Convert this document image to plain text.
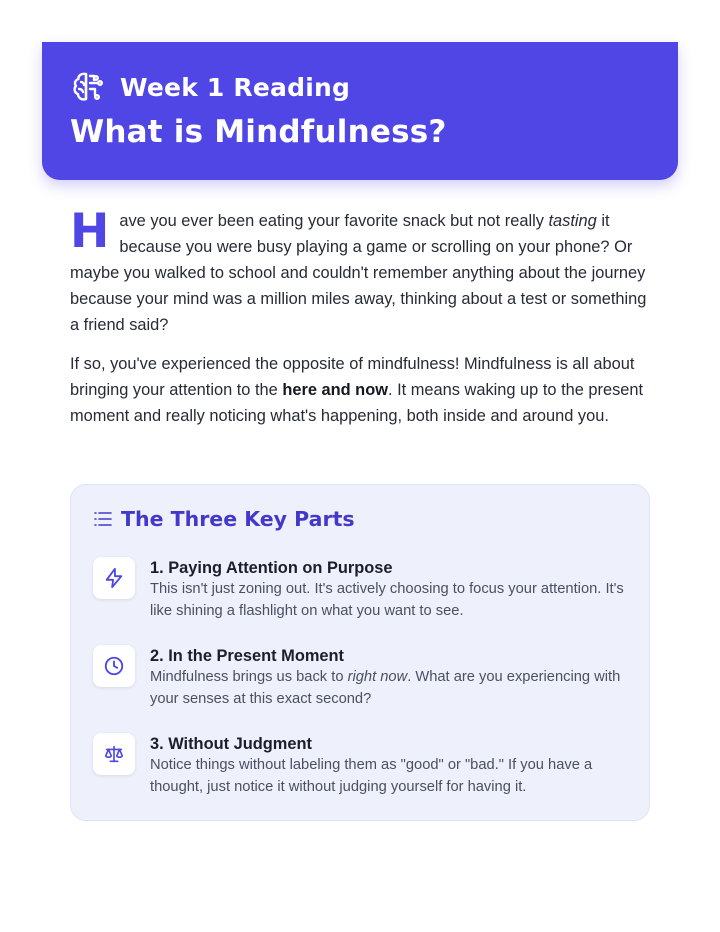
Week 1 Reading
What is Mindfulness?

Have you ever been eating your favorite snack but not really tasting it because you were busy playing a game or scrolling on your phone? Or maybe you walked to school and couldn't remember anything about the journey because your mind was a million miles away, thinking about a test or something a friend said?

If so, you've experienced the opposite of mindfulness! Mindfulness is all about bringing your attention to the here and now. It means waking up to the present moment and really noticing what's happening, both inside and around you.

The Three Key Parts
1. Paying Attention on Purpose
This isn't just zoning out. It's actively choosing to focus your attention. It's like shining a flashlight on what you want to see.
2. In the Present Moment
Mindfulness brings us back to right now. What are you experiencing with your senses at this exact second?
3. Without Judgment
Notice things without labeling them as "good" or "bad." If you have a thought, just notice it without judging yourself for having it.
